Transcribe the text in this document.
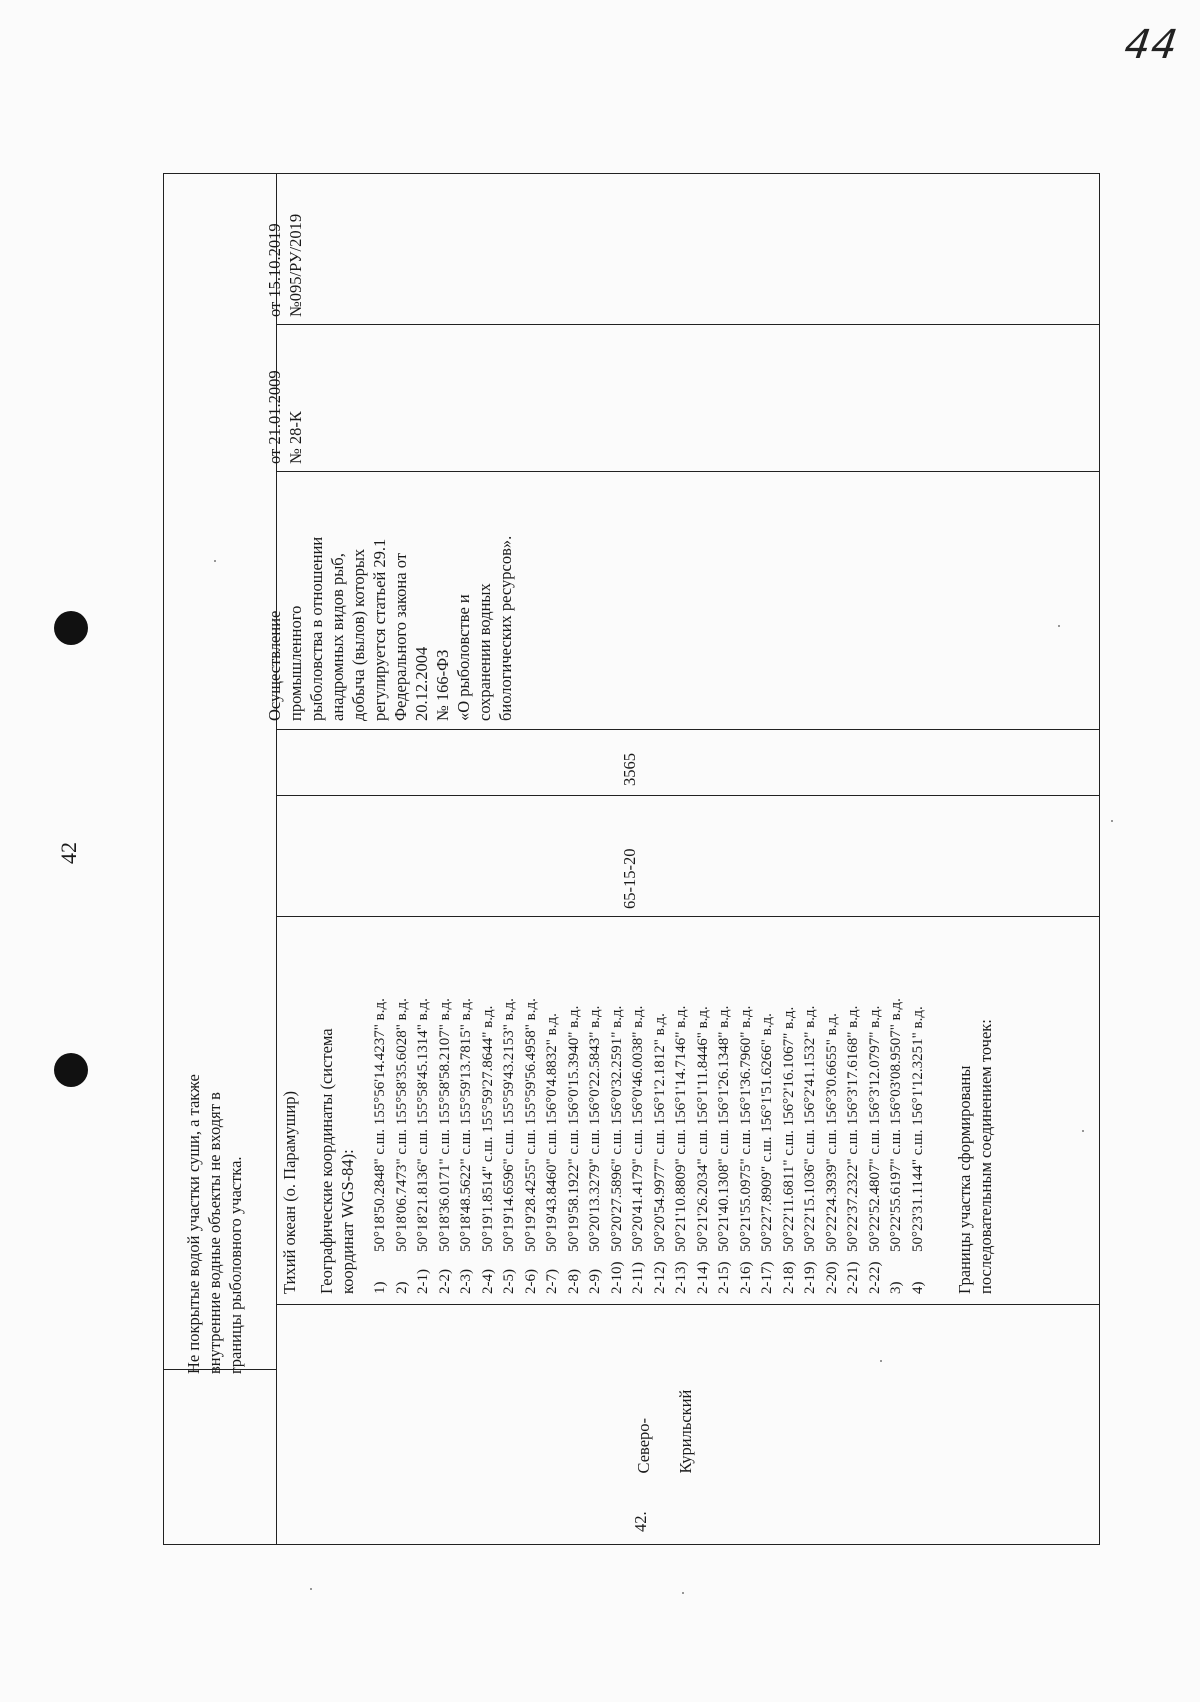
44
42
Не покрытые водой участки суши, а также
внутренние водные объекты не входят в
границы рыболовного участка.
42.

Северо- Курильский

Тихий океан (о. Парамушир) Географические координаты (система
координат WGS-84):
1)50°18'50.2848" с.ш. 155°56'14.4237" в.д.
2)50°18'06.7473" с.ш. 155°58'35.6028" в.д.
2-1)50°18'21.8136" с.ш. 155°58'45.1314" в.д.
2-2)50°18'36.0171" с.ш. 155°58'58.2107" в.д.
2-3)50°18'48.5622" с.ш. 155°59'13.7815" в.д.
2-4)50°19'1.8514" с.ш. 155°59'27.8644" в.д.
2-5)50°19'14.6596" с.ш. 155°59'43.2153" в.д.
2-6)50°19'28.4255" с.ш. 155°59'56.4958" в.д.
2-7)50°19'43.8460" с.ш. 156°0'4.8832" в.д.
2-8)50°19'58.1922" с.ш. 156°0'15.3940" в.д.
2-9)50°20'13.3279" с.ш. 156°0'22.5843" в.д.
2-10)50°20'27.5896" с.ш. 156°0'32.2591" в.д.
2-11)50°20'41.4179" с.ш. 156°0'46.0038" в.д.
2-12)50°20'54.9977" с.ш. 156°1'2.1812" в.д.
2-13)50°21'10.8809" с.ш. 156°1'14.7146" в.д.
2-14)50°21'26.2034" с.ш. 156°1'11.8446" в.д.
2-15)50°21'40.1308" с.ш. 156°1'26.1348" в.д.
2-16)50°21'55.0975" с.ш. 156°1'36.7960" в.д.
2-17)50°22'7.8909" с.ш. 156°1'51.6266" в.д.
2-18)50°22'11.6811" с.ш. 156°2'16.1067" в.д.
2-19)50°22'15.1036" с.ш. 156°2'41.1532" в.д.
2-20)50°22'24.3939" с.ш. 156°3'0.6655" в.д.
2-21)50°22'37.2322" с.ш. 156°3'17.6168" в.д.
2-22)50°22'52.4807" с.ш. 156°3'12.0797" в.д.
3)50°22'55.6197" с.ш. 156°03'08.9507" в.д.
4)50°23'31.1144" с.ш. 156°1'12.3251" в.д.
Границы участка сформированы
последовательным соединением точек:
65-15-20
3565
Осуществление
промышленного
рыболовства в отношении
анадромных видов рыб,
добыча (вылов) которых
регулируется статьей 29.1
Федерального закона от
20.12.2004
№ 166-ФЗ
«О рыболовстве и
сохранении водных
биологических ресурсов».
от 21.01.2009
№ 28-К
от 15.10.2019
№095/РУ/2019
